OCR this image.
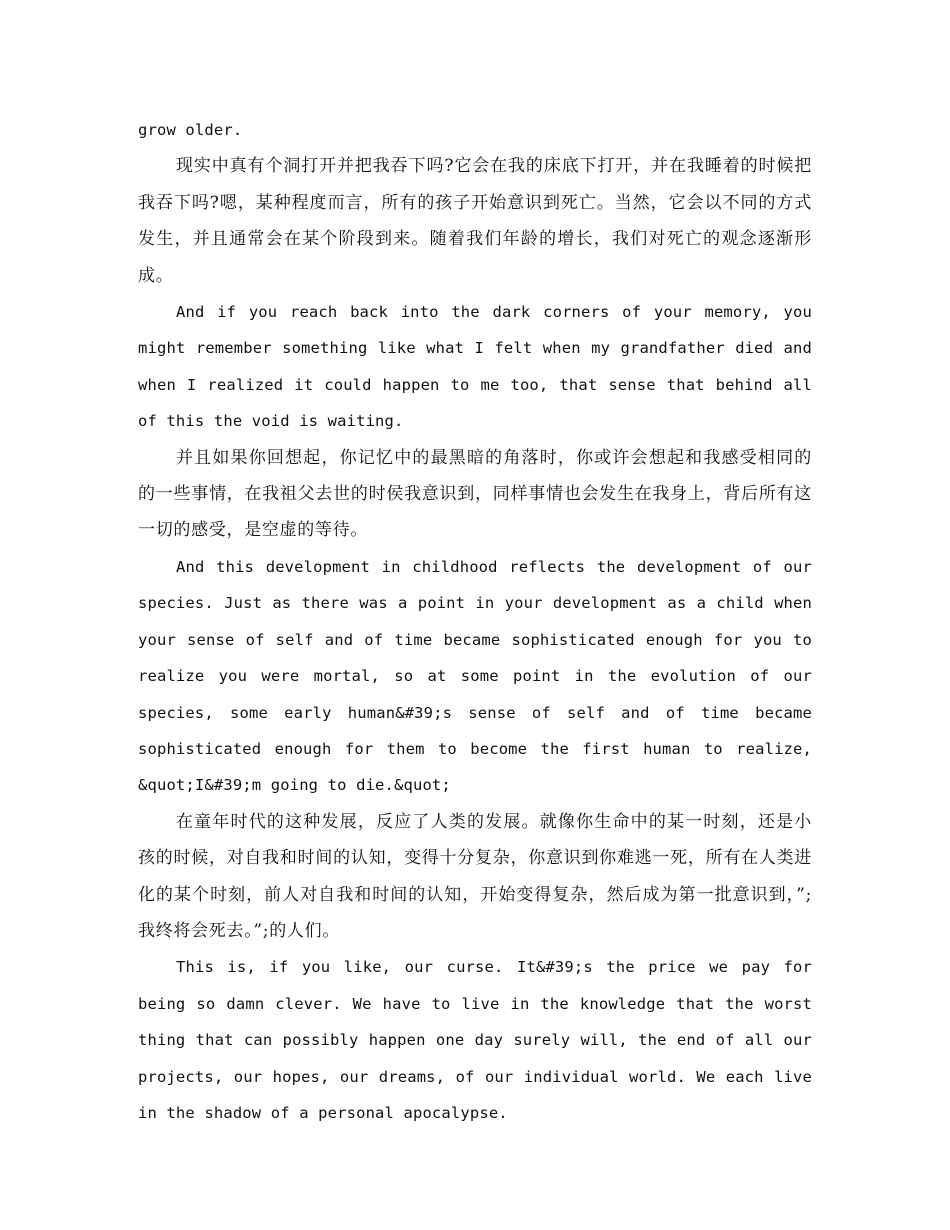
grow older.

现实中真有个洞打开并把我吞下吗?它会在我的床底下打开，并在我睡着的时候把我吞下吗?嗯，某种程度而言，所有的孩子开始意识到死亡。当然，它会以不同的方式发生，并且通常会在某个阶段到来。随着我们年龄的增长，我们对死亡的观念逐渐形成。

And if you reach back into the dark corners of your memory, you might remember something like what I felt when my grandfather died and when I realized it could happen to me too, that sense that behind all of this the void is waiting.

并且如果你回想起，你记忆中的最黑暗的角落时，你或许会想起和我感受相同的的一些事情，在我祖父去世的时侯我意识到，同样事情也会发生在我身上，背后所有这一切的感受，是空虚的等待。

And this development in childhood reflects the development of our species. Just as there was a point in your development as a child when your sense of self and of time became sophisticated enough for you to realize you were mortal, so at some point in the evolution of our species, some early human&#39;s sense of self and of time became sophisticated enough for them to become the first human to realize, &quot;I&#39;m going to die.&quot;

在童年时代的这种发展，反应了人类的发展。就像你生命中的某一时刻，还是小孩的时候，对自我和时间的认知，变得十分复杂，你意识到你难逃一死，所有在人类进化的某个时刻，前人对自我和时间的认知，开始变得复杂，然后成为第一批意识到，”;我终将会死去。”;的人们。

This is, if you like, our curse. It&#39;s the price we pay for being so damn clever. We have to live in the knowledge that the worst thing that can possibly happen one day surely will, the end of all our projects, our hopes, our dreams, of our individual world. We each live in the shadow of a personal apocalypse.
